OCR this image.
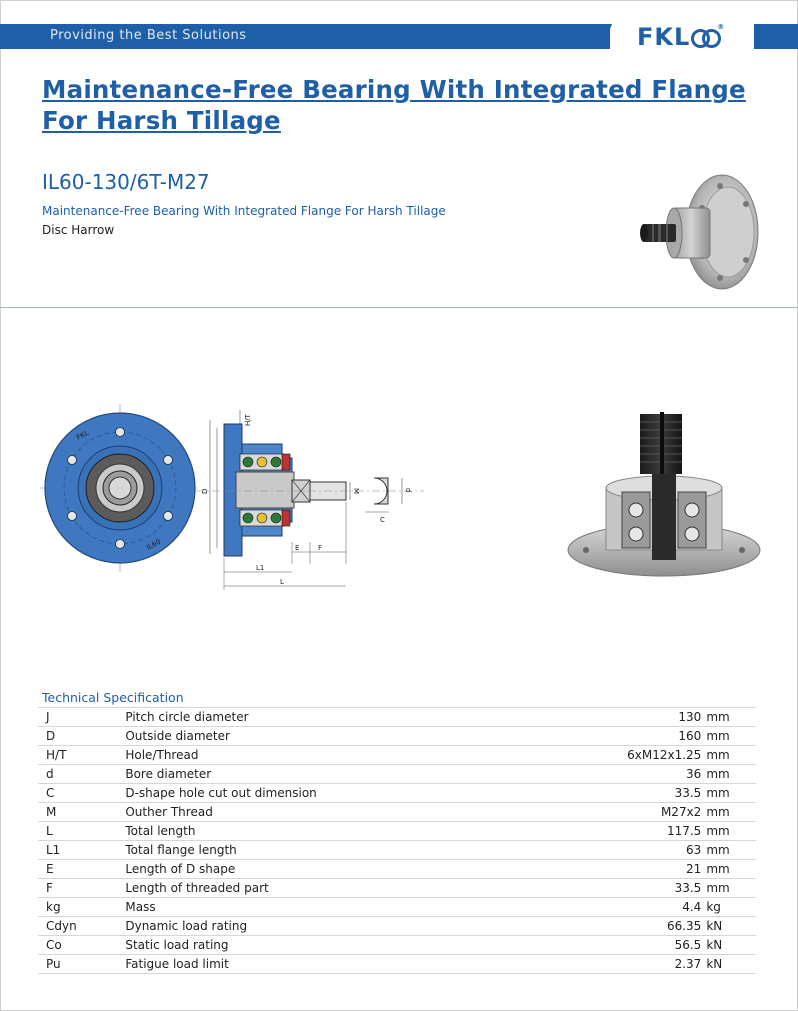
Providing the Best Solutions	FKL	®
Maintenance-Free Bearing With Integrated Flange
For Harsh Tillage
IL60-130/6T-M27
Maintenance-Free Bearing With Integrated Flange For Harsh Tillage
Disc Harrow
FKL
IL60
D
H/T
M	d
C
E	F
L1
L
Technical Specification
J	Pitch circle diameter	130	mm
D	Outside diameter	160	mm
H/T	Hole/Thread	6xM12x1.25	mm
d	Bore diameter	36	mm
C	D-shape hole cut out dimension	33.5	mm
M	Outher Thread	M27x2	mm
L	Total length	117.5	mm
L1	Total flange length	63	mm
E	Length of D shape	21	mm
F	Length of threaded part	33.5	mm
kg	Mass	4.4	kg
Cdyn	Dynamic load rating	66.35	kN
Co	Static load rating	56.5	kN
Pu	Fatigue load limit	2.37	kN
